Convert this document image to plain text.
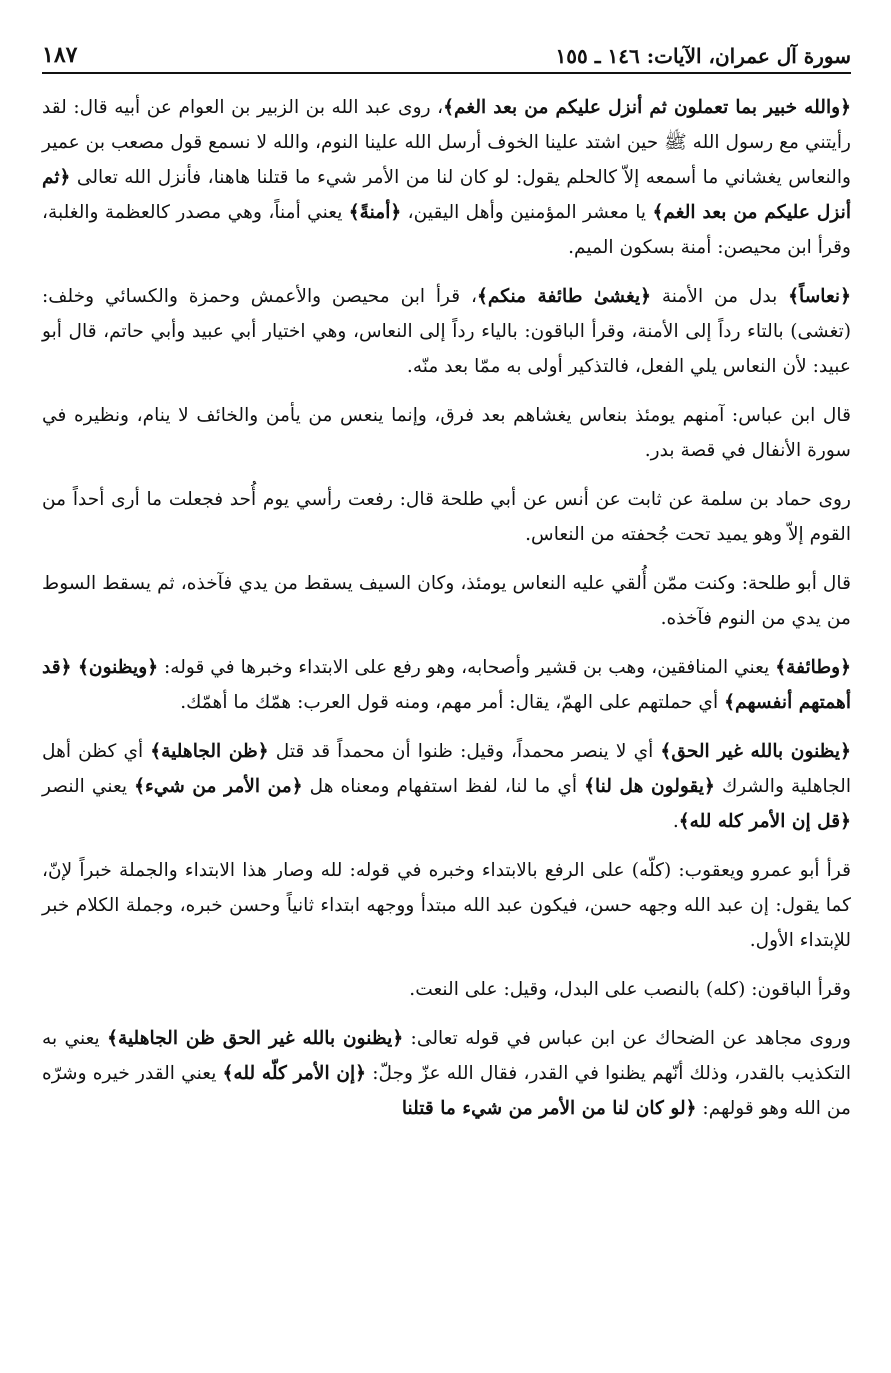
سورة آل عمران، الآيات: ١٤٦ ـ ١٥٥
١٨٧

﴿والله خبير بما تعملون ثم أنزل عليكم من بعد الغم﴾، روى عبد الله بن الزبير بن العوام عن أبيه قال: لقد رأيتني مع رسول الله ﷺ حين اشتد علينا الخوف أرسل الله علينا النوم، والله لا نسمع قول مصعب بن عمير والنعاس يغشاني ما أسمعه إلاّ كالحلم يقول: لو كان لنا من الأمر شيء ما قتلنا هاهنا، فأنزل الله تعالى ﴿ثم أنزل عليكم من بعد الغم﴾ يا معشر المؤمنين وأهل اليقين، ﴿أمنةً﴾ يعني أمناً، وهي مصدر كالعظمة والغلبة، وقرأ ابن محيصن: أمنة بسكون الميم.

﴿نعاساً﴾ بدل من الأمنة ﴿يغشىٰ طائفة منكم﴾، قرأ ابن محيصن والأعمش وحمزة والكسائي وخلف: (تغشى) بالتاء رداً إلى الأمنة، وقرأ الباقون: بالياء رداً إلى النعاس، وهي اختيار أبي عبيد وأبي حاتم، قال أبو عبيد: لأن النعاس يلي الفعل، فالتذكير أولى به ممّا بعد منّه.

قال ابن عباس: آمنهم يومئذ بنعاس يغشاهم بعد فرق، وإنما ينعس من يأمن والخائف لا ينام، ونظيره في سورة الأنفال في قصة بدر.

روى حماد بن سلمة عن ثابت عن أنس عن أبي طلحة قال: رفعت رأسي يوم أُحد فجعلت ما أرى أحداً من القوم إلاّ وهو يميد تحت جُحفته من النعاس.

قال أبو طلحة: وكنت ممّن أُلقي عليه النعاس يومئذ، وكان السيف يسقط من يدي فآخذه، ثم يسقط السوط من يدي من النوم فآخذه.

﴿وطائفة﴾ يعني المنافقين، وهب بن قشير وأصحابه، وهو رفع على الابتداء وخبرها في قوله: ﴿ويظنون﴾ ﴿قد أهمتهم أنفسهم﴾ أي حملتهم على الهمّ، يقال: أمر مهم، ومنه قول العرب: همّك ما أهمّك.

﴿يظنون بالله غير الحق﴾ أي لا ينصر محمداً، وقيل: ظنوا أن محمداً قد قتل ﴿ظن الجاهلية﴾ أي كظن أهل الجاهلية والشرك ﴿يقولون هل لنا﴾ أي ما لنا، لفظ استفهام ومعناه هل ﴿من الأمر من شيء﴾ يعني النصر ﴿قل إن الأمر كله لله﴾.

قرأ أبو عمرو ويعقوب: (كلّه) على الرفع بالابتداء وخبره في قوله: لله وصار هذا الابتداء والجملة خبراً لإنّ، كما يقول: إن عبد الله وجهه حسن، فيكون عبد الله مبتدأ ووجهه ابتداء ثانياً وحسن خبره، وجملة الكلام خبر للإبتداء الأول.

وقرأ الباقون: (كله) بالنصب على البدل، وقيل: على النعت.

وروى مجاهد عن الضحاك عن ابن عباس في قوله تعالى: ﴿يظنون بالله غير الحق ظن الجاهلية﴾ يعني به التكذيب بالقدر، وذلك أنّهم يظنوا في القدر، فقال الله عزّ وجلّ: ﴿إن الأمر كلّه لله﴾ يعني القدر خيره وشرّه من الله وهو قولهم: ﴿لو كان لنا من الأمر من شيء ما قتلنا
